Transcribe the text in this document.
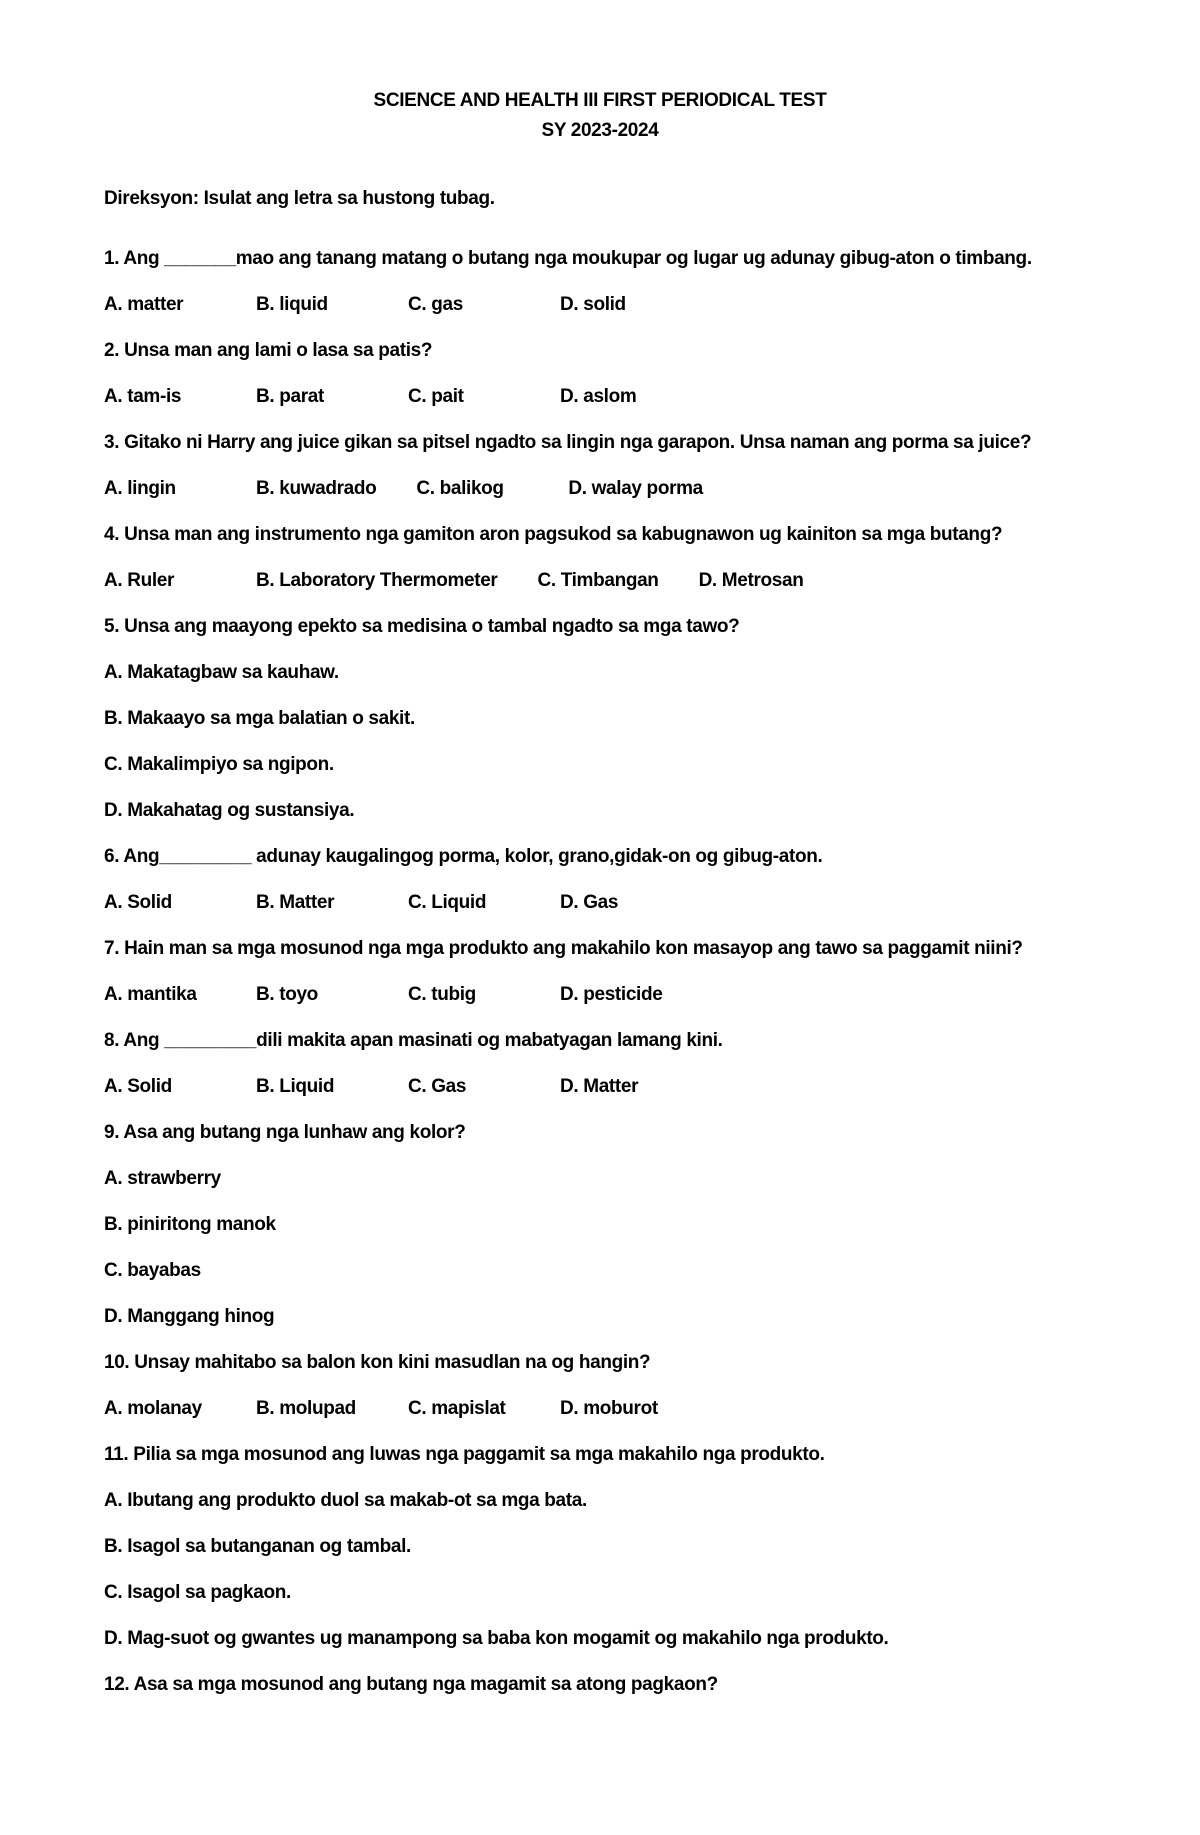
SCIENCE AND HEALTH III FIRST PERIODICAL TEST

SY 2023-2024

Direksyon: Isulat ang letra sa hustong tubag.

1. Ang _______mao ang tanang matang o butang nga moukupar og lugar ug adunay gibug-aton o timbang.

A. matter	B. liquid	C. gas	D. solid

2. Unsa man ang lami o lasa sa patis?

A. tam-is	B. parat	C. pait	D. aslom

3. Gitako ni Harry ang juice gikan sa pitsel ngadto sa lingin nga garapon. Unsa naman ang porma sa juice?

A. lingin	B. kuwadrado C. balikog	D. walay porma

4. Unsa man ang instrumento nga gamiton aron pagsukod sa kabugnawon ug kainiton sa mga butang?

A. Ruler	B. Laboratory Thermometer C. Timbangan D. Metrosan

5. Unsa ang maayong epekto sa medisina o tambal ngadto sa mga tawo?

A. Makatagbaw sa kauhaw.

B. Makaayo sa mga balatian o sakit.

C. Makalimpiyo sa ngipon.

D. Makahatag og sustansiya.

6. Ang_________ adunay kaugalingog porma, kolor, grano,gidak-on og gibug-aton.

A. Solid	B. Matter	C. Liquid	D. Gas

7. Hain man sa mga mosunod nga mga produkto ang makahilo kon masayop ang tawo sa paggamit niini?

A. mantika	B. toyo	C. tubig	D. pesticide

8. Ang _________dili makita apan masinati og mabatyagan lamang kini.

A. Solid	B. Liquid	C. Gas	D. Matter

9. Asa ang butang nga lunhaw ang kolor?

A. strawberry

B. piniritong manok

C. bayabas

D. Manggang hinog

10. Unsay mahitabo sa balon kon kini masudlan na og hangin?

A. molanay	B. molupad	C. mapislat	D. moburot

11. Pilia sa mga mosunod ang luwas nga paggamit sa mga makahilo nga produkto.

A. Ibutang ang produkto duol sa makab-ot sa mga bata.

B. Isagol sa butanganan og tambal.

C. Isagol sa pagkaon.

D. Mag-suot og gwantes ug manampong sa baba kon mogamit og makahilo nga produkto.

12. Asa sa mga mosunod ang butang nga magamit sa atong pagkaon?
